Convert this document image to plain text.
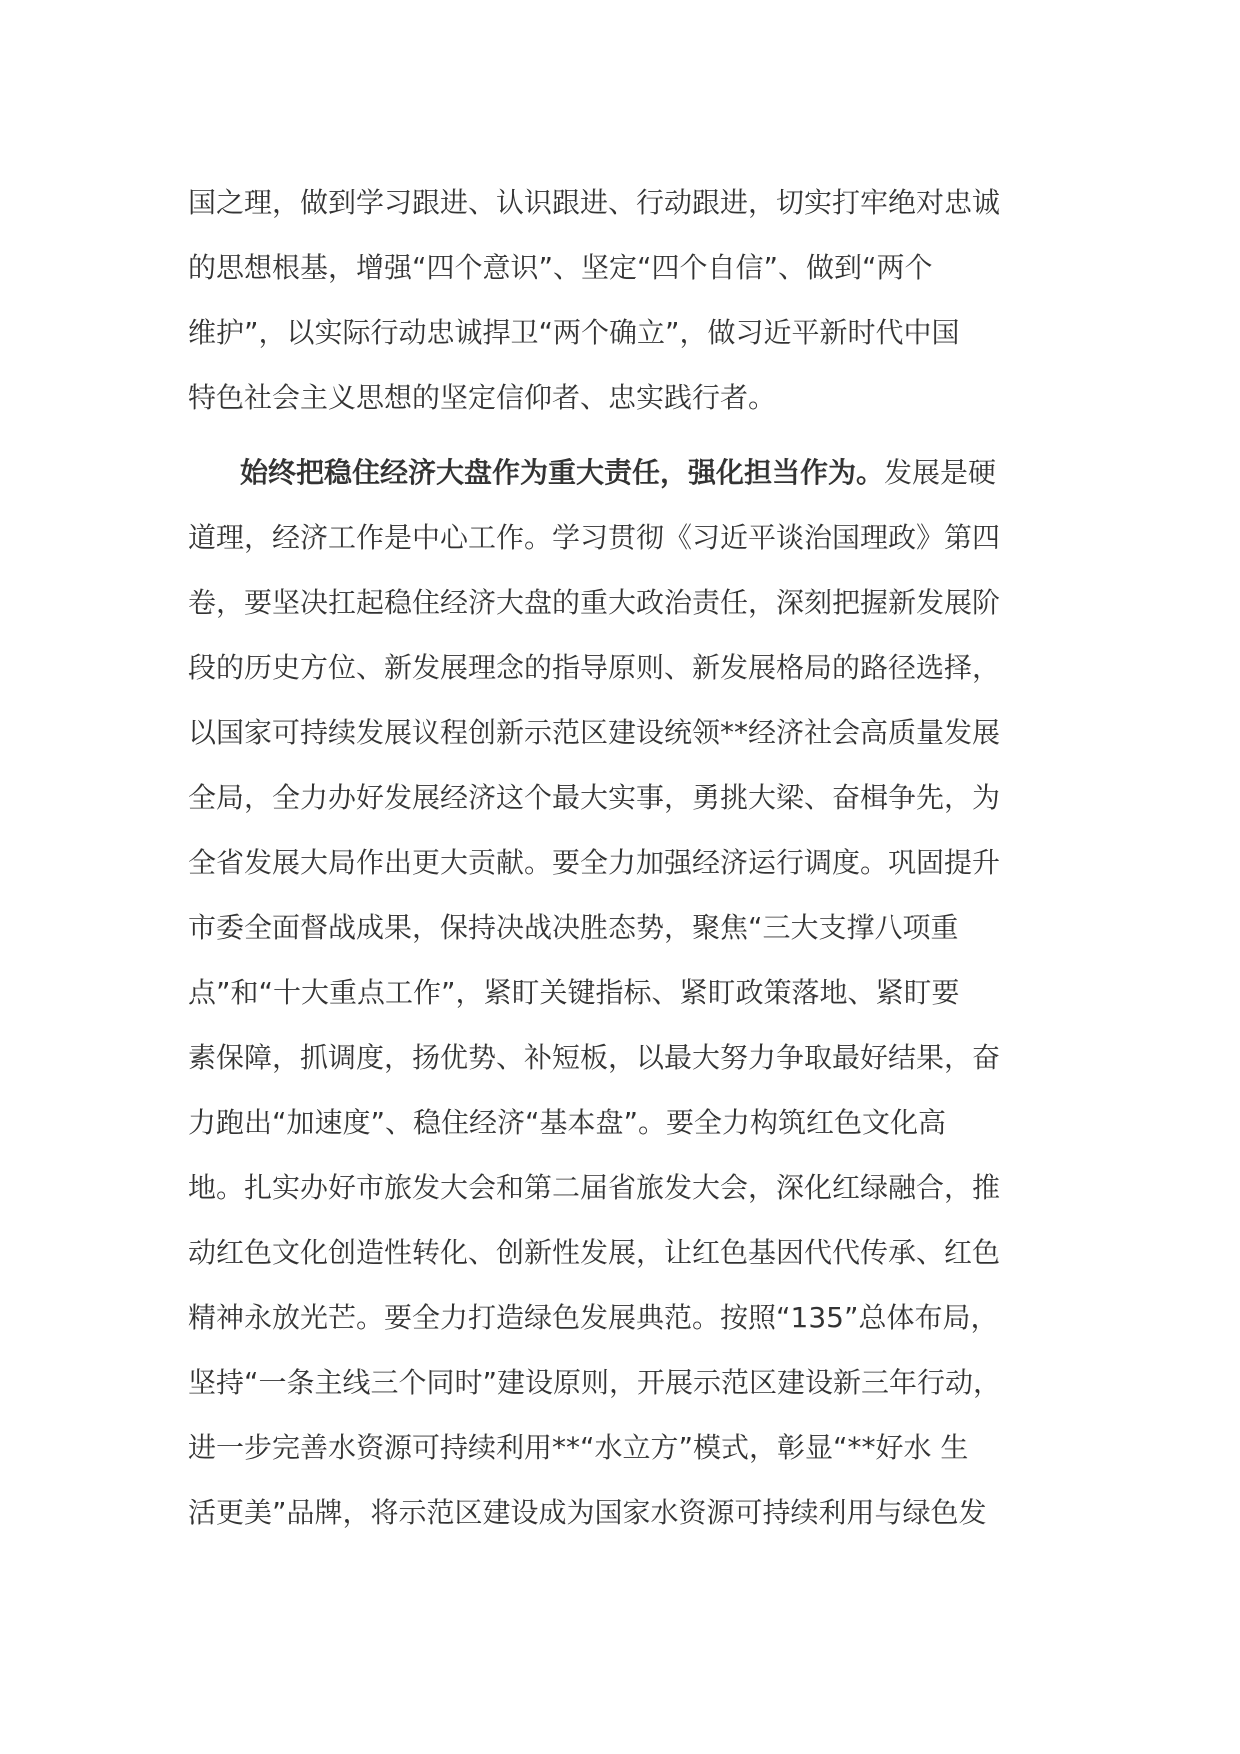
国之理，做到学习跟进、认识跟进、行动跟进，切实打牢绝对忠诚
的思想根基，增强“四个意识”、坚定“四个自信”、做到“两个
维护”，以实际行动忠诚捍卫“两个确立”，做习近平新时代中国
特色社会主义思想的坚定信仰者、忠实践行者。
始终把稳住经济大盘作为重大责任，强化担当作为。发展是硬
道理，经济工作是中心工作。学习贯彻《习近平谈治国理政》第四
卷，要坚决扛起稳住经济大盘的重大政治责任，深刻把握新发展阶
段的历史方位、新发展理念的指导原则、新发展格局的路径选择，
以国家可持续发展议程创新示范区建设统领**经济社会高质量发展
全局，全力办好发展经济这个最大实事，勇挑大梁、奋楫争先，为
全省发展大局作出更大贡献。要全力加强经济运行调度。巩固提升
市委全面督战成果，保持决战决胜态势，聚焦“三大支撑八项重
点”和“十大重点工作”，紧盯关键指标、紧盯政策落地、紧盯要
素保障，抓调度，扬优势、补短板，以最大努力争取最好结果，奋
力跑出“加速度”、稳住经济“基本盘”。要全力构筑红色文化高
地。扎实办好市旅发大会和第二届省旅发大会，深化红绿融合，推
动红色文化创造性转化、创新性发展，让红色基因代代传承、红色
精神永放光芒。要全力打造绿色发展典范。按照“135”总体布局，
坚持“一条主线三个同时”建设原则，开展示范区建设新三年行动，
进一步完善水资源可持续利用**“水立方”模式，彰显“**好水 生
活更美”品牌，将示范区建设成为国家水资源可持续利用与绿色发
